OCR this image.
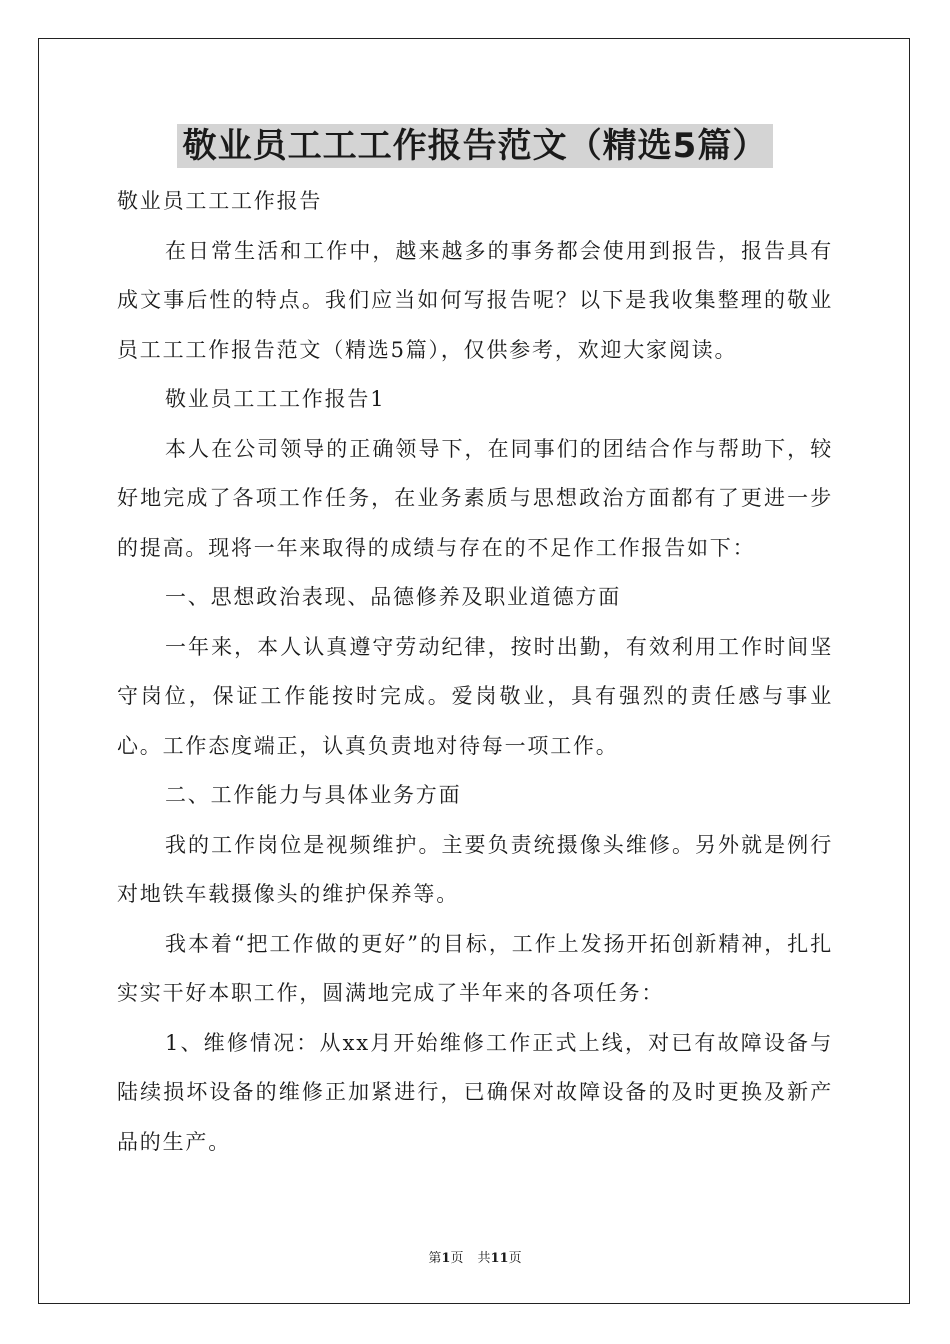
敬业员工工工作报告范文（精选5篇）

敬业员工工工作报告

在日常生活和工作中，越来越多的事务都会使用到报告，报告具有成文事后性的特点。我们应当如何写报告呢？以下是我收集整理的敬业员工工工作报告范文（精选5篇），仅供参考，欢迎大家阅读。

敬业员工工工作报告1

本人在公司领导的正确领导下，在同事们的团结合作与帮助下，较好地完成了各项工作任务，在业务素质与思想政治方面都有了更进一步的提高。现将一年来取得的成绩与存在的不足作工作报告如下：

一、思想政治表现、品德修养及职业道德方面

一年来，本人认真遵守劳动纪律，按时出勤，有效利用工作时间坚守岗位，保证工作能按时完成。爱岗敬业，具有强烈的责任感与事业心。工作态度端正，认真负责地对待每一项工作。

二、工作能力与具体业务方面

我的工作岗位是视频维护。主要负责统摄像头维修。另外就是例行对地铁车载摄像头的维护保养等。

我本着“把工作做的更好”的目标，工作上发扬开拓创新精神，扎扎实实干好本职工作，圆满地完成了半年来的各项任务：

1、维修情况：从xx月开始维修工作正式上线，对已有故障设备与陆续损坏设备的维修正加紧进行，已确保对故障设备的及时更换及新产品的生产。

第1页 共11页
